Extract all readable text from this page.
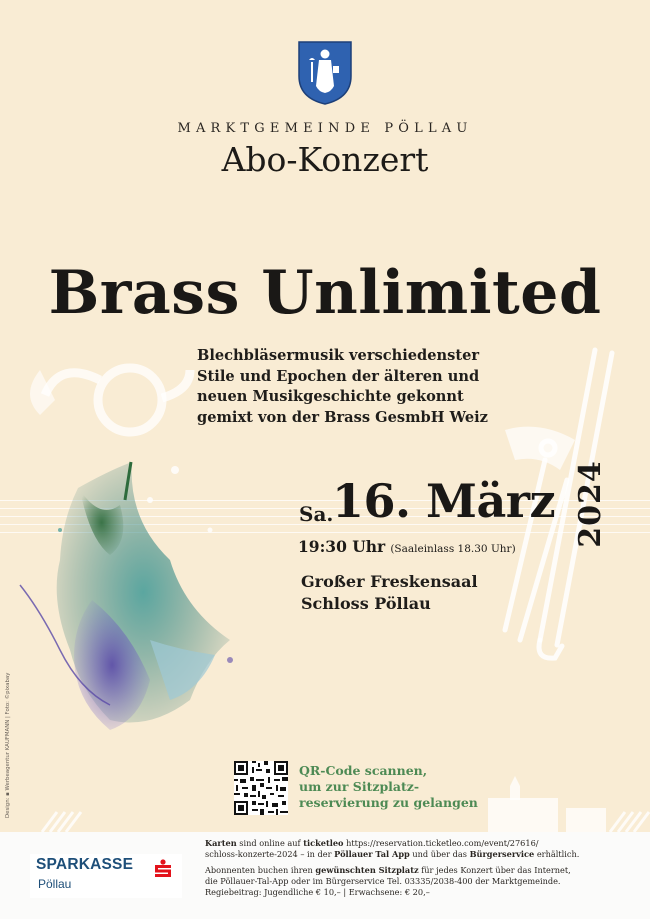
MARKTGEMEINDE PÖLLAU
Abo-Konzert
Brass Unlimited
Blechbläsermusik verschiedenster
Stile und Epochen der älteren und
neuen Musikgeschichte gekonnt
gemixt von der Brass GesmbH Weiz
Sa.
16. März 2024
19:30 Uhr (Saaleinlass 18.30 Uhr)
Großer Freskensaal
Schloss Pöllau
QR-Code scannen,
um zur Sitzplatz-
reservierung zu gelangen
Design: ▪ Werbeagentur KAUFMANN | Foto: ©pixabay
SPARKASSE
Pöllau
Karten sind online auf ticketleo https://reservation.ticketleo.com/event/27616/
schloss-konzerte-2024 – in der Pöllauer Tal App und über das Bürgerservice erhältlich.
Abonnenten buchen ihren gewünschten Sitzplatz für jedes Konzert über das Internet,
die Pöllauer-Tal-App oder im Bürgerservice Tel. 03335/2038-400 der Marktgemeinde.
Regiebeitrag: Jugendliche € 10,– | Erwachsene: € 20,–
